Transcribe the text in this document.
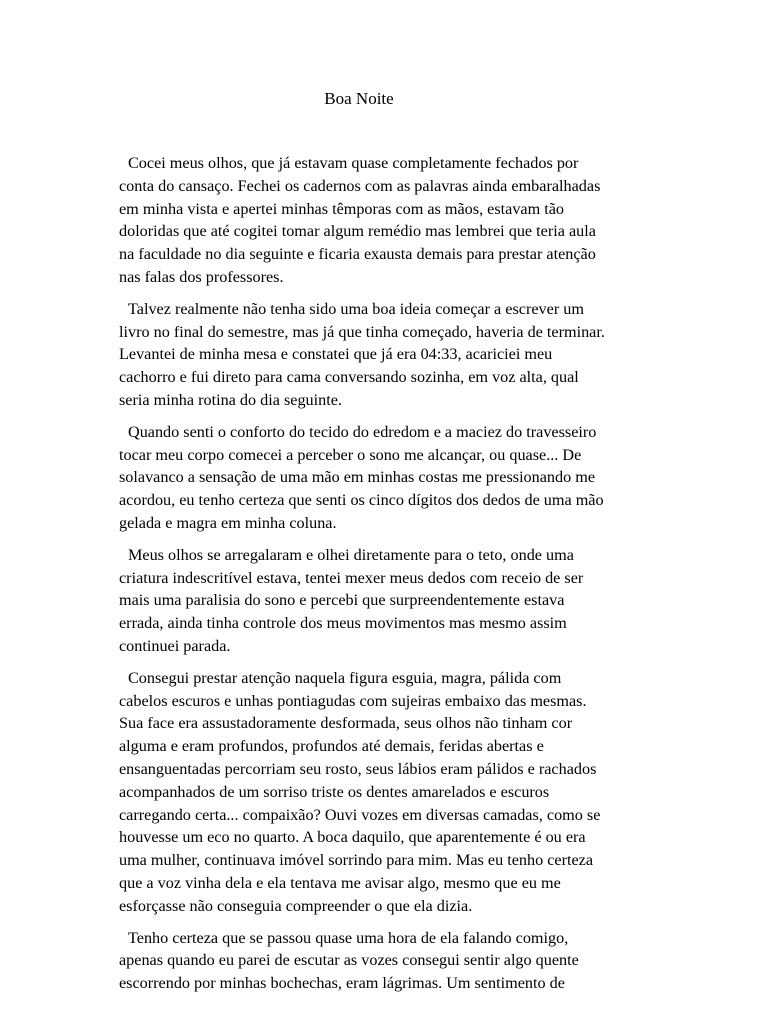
Boa Noite

Cocei meus olhos, que já estavam quase completamente fechados por
conta do cansaço. Fechei os cadernos com as palavras ainda embaralhadas
em minha vista e apertei minhas têmporas com as mãos, estavam tão
doloridas que até cogitei tomar algum remédio mas lembrei que teria aula
na faculdade no dia seguinte e ficaria exausta demais para prestar atenção
nas falas dos professores.

Talvez realmente não tenha sido uma boa ideia começar a escrever um
livro no final do semestre, mas já que tinha começado, haveria de terminar.
Levantei de minha mesa e constatei que já era 04:33, acariciei meu
cachorro e fui direto para cama conversando sozinha, em voz alta, qual
seria minha rotina do dia seguinte.

Quando senti o conforto do tecido do edredom e a maciez do travesseiro
tocar meu corpo comecei a perceber o sono me alcançar, ou quase... De
solavanco a sensação de uma mão em minhas costas me pressionando me
acordou, eu tenho certeza que senti os cinco dígitos dos dedos de uma mão
gelada e magra em minha coluna.

Meus olhos se arregalaram e olhei diretamente para o teto, onde uma
criatura indescritível estava, tentei mexer meus dedos com receio de ser
mais uma paralisia do sono e percebi que surpreendentemente estava
errada, ainda tinha controle dos meus movimentos mas mesmo assim
continuei parada.

Consegui prestar atenção naquela figura esguia, magra, pálida com
cabelos escuros e unhas pontiagudas com sujeiras embaixo das mesmas.
Sua face era assustadoramente desformada, seus olhos não tinham cor
alguma e eram profundos, profundos até demais, feridas abertas e
ensanguentadas percorriam seu rosto, seus lábios eram pálidos e rachados
acompanhados de um sorriso triste os dentes amarelados e escuros
carregando certa... compaixão? Ouvi vozes em diversas camadas, como se
houvesse um eco no quarto. A boca daquilo, que aparentemente é ou era
uma mulher, continuava imóvel sorrindo para mim. Mas eu tenho certeza
que a voz vinha dela e ela tentava me avisar algo, mesmo que eu me
esforçasse não conseguia compreender o que ela dizia.

Tenho certeza que se passou quase uma hora de ela falando comigo,
apenas quando eu parei de escutar as vozes consegui sentir algo quente
escorrendo por minhas bochechas, eram lágrimas. Um sentimento de
